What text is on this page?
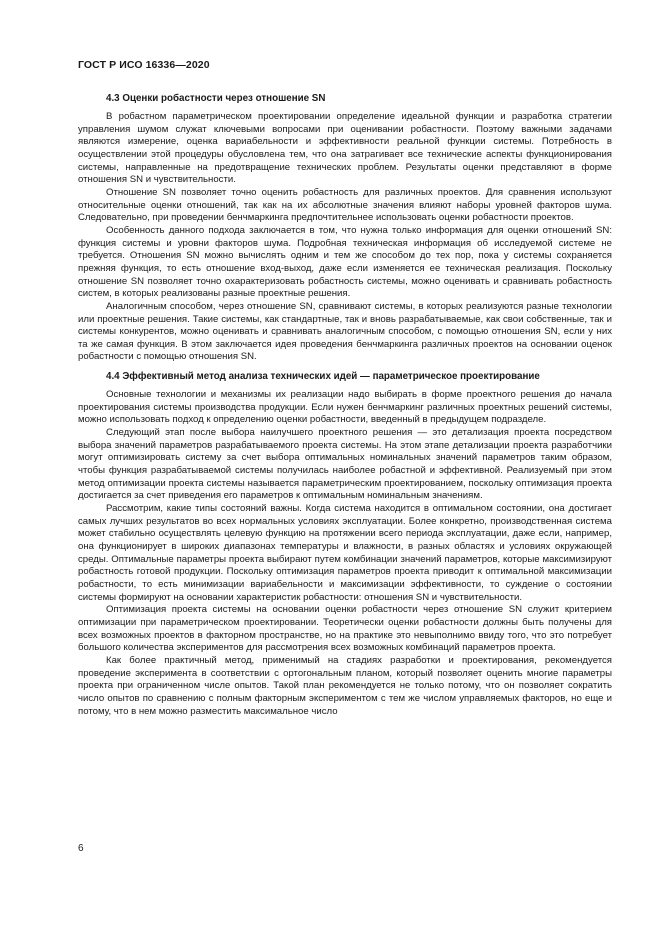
ГОСТ Р ИСО 16336—2020
4.3 Оценки робастности через отношение SN

В робастном параметрическом проектировании определение идеальной функции и разработка стратегии управления шумом служат ключевыми вопросами при оценивании робастности. Поэтому важными задачами являются измерение, оценка вариабельности и эффективности реальной функции системы. Потребность в осуществлении этой процедуры обусловлена тем, что она затрагивает все технические аспекты функционирования системы, направленные на предотвращение технических проблем. Результаты оценки представляют в форме отношения SN и чувствительности.

Отношение SN позволяет точно оценить робастность для различных проектов. Для сравнения используют относительные оценки отношений, так как на их абсолютные значения влияют наборы уровней факторов шума. Следовательно, при проведении бенчмаркинга предпочтительнее использовать оценки робастности проектов.

Особенность данного подхода заключается в том, что нужна только информация для оценки отношений SN: функция системы и уровни факторов шума. Подробная техническая информация об исследуемой системе не требуется. Отношения SN можно вычислять одним и тем же способом до тех пор, пока у системы сохраняется прежняя функция, то есть отношение вход-выход, даже если изменяется ее техническая реализация. Поскольку отношение SN позволяет точно охарактеризовать робастность системы, можно оценивать и сравнивать робастность систем, в которых реализованы разные проектные решения.

Аналогичным способом, через отношение SN, сравнивают системы, в которых реализуются разные технологии или проектные решения. Такие системы, как стандартные, так и вновь разрабатываемые, как свои собственные, так и системы конкурентов, можно оценивать и сравнивать аналогичным способом, с помощью отношения SN, если у них та же самая функция. В этом заключается идея проведения бенчмаркинга различных проектов на основании оценок робастности с помощью отношения SN.

4.4 Эффективный метод анализа технических идей — параметрическое проектирование

Основные технологии и механизмы их реализации надо выбирать в форме проектного решения до начала проектирования системы производства продукции. Если нужен бенчмаркинг различных проектных решений системы, можно использовать подход к определению оценки робастности, введенный в предыдущем подразделе.

Следующий этап после выбора наилучшего проектного решения — это детализация проекта посредством выбора значений параметров разрабатываемого проекта системы. На этом этапе детализации проекта разработчики могут оптимизировать систему за счет выбора оптимальных номинальных значений параметров таким образом, чтобы функция разрабатываемой системы получилась наиболее робастной и эффективной. Реализуемый при этом метод оптимизации проекта системы называется параметрическим проектированием, поскольку оптимизация проекта достигается за счет приведения его параметров к оптимальным номинальным значениям.

Рассмотрим, какие типы состояний важны. Когда система находится в оптимальном состоянии, она достигает самых лучших результатов во всех нормальных условиях эксплуатации. Более конкретно, производственная система может стабильно осуществлять целевую функцию на протяжении всего периода эксплуатации, даже если, например, она функционирует в широких диапазонах температуры и влажности, в разных областях и условиях окружающей среды. Оптимальные параметры проекта выбирают путем комбинации значений параметров, которые максимизируют робастность готовой продукции. Поскольку оптимизация параметров проекта приводит к оптимальной максимизации робастности, то есть минимизации вариабельности и максимизации эффективности, то суждение о состоянии системы формируют на основании характеристик робастности: отношения SN и чувствительности.

Оптимизация проекта системы на основании оценки робастности через отношение SN служит критерием оптимизации при параметрическом проектировании. Теоретически оценки робастности должны быть получены для всех возможных проектов в факторном пространстве, но на практике это невыполнимо ввиду того, что это потребует большого количества экспериментов для рассмотрения всех возможных комбинаций параметров проекта.

Как более практичный метод, применимый на стадиях разработки и проектирования, рекомендуется проведение эксперимента в соответствии с ортогональным планом, который позволяет оценить многие параметры проекта при ограниченном числе опытов. Такой план рекомендуется не только потому, что он позволяет сократить число опытов по сравнению с полным факторным экспериментом с тем же числом управляемых факторов, но еще и потому, что в нем можно разместить максимальное число

6
